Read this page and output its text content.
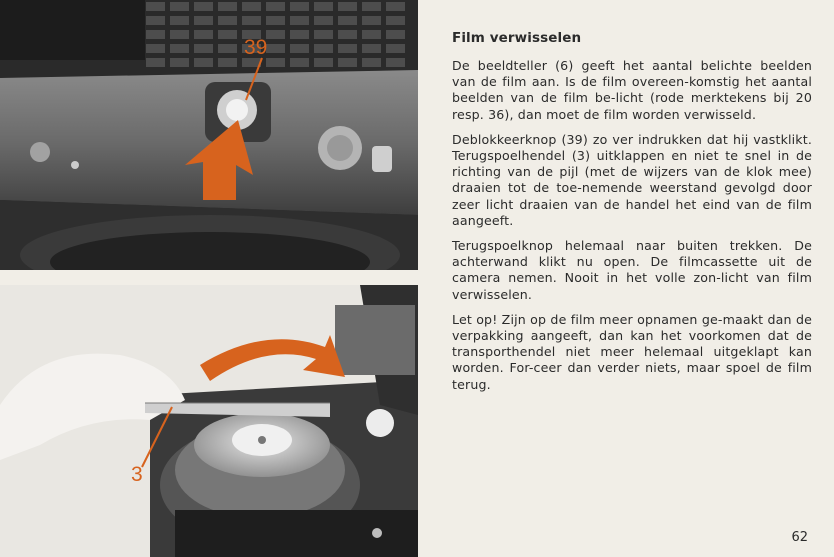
39
3
Film verwisselen

De beeldteller (6) geeft het aantal belichte beelden van de film aan. Is de film overeen-komstig het aantal beelden van de film be-licht (rode merktekens bij 20 resp. 36), dan moet de film worden verwisseld.

Deblokkeerknop (39) zo ver indrukken dat hij vastklikt. Terugspoelhendel (3) uitklappen en niet te snel in de richting van de pijl (met de wijzers van de klok mee) draaien tot de toe-nemende weerstand gevolgd door zeer licht draaien van de handel het eind van de film aangeeft.

Terugspoelknop helemaal naar buiten trekken. De achterwand klikt nu open. De filmcassette uit de camera nemen. Nooit in het volle zon-licht van film verwisselen.

Let op! Zijn op de film meer opnamen ge-maakt dan de verpakking aangeeft, dan kan het voorkomen dat de transporthendel niet meer helemaal uitgeklapt kan worden. For-ceer dan verder niets, maar spoel de film terug.

62
